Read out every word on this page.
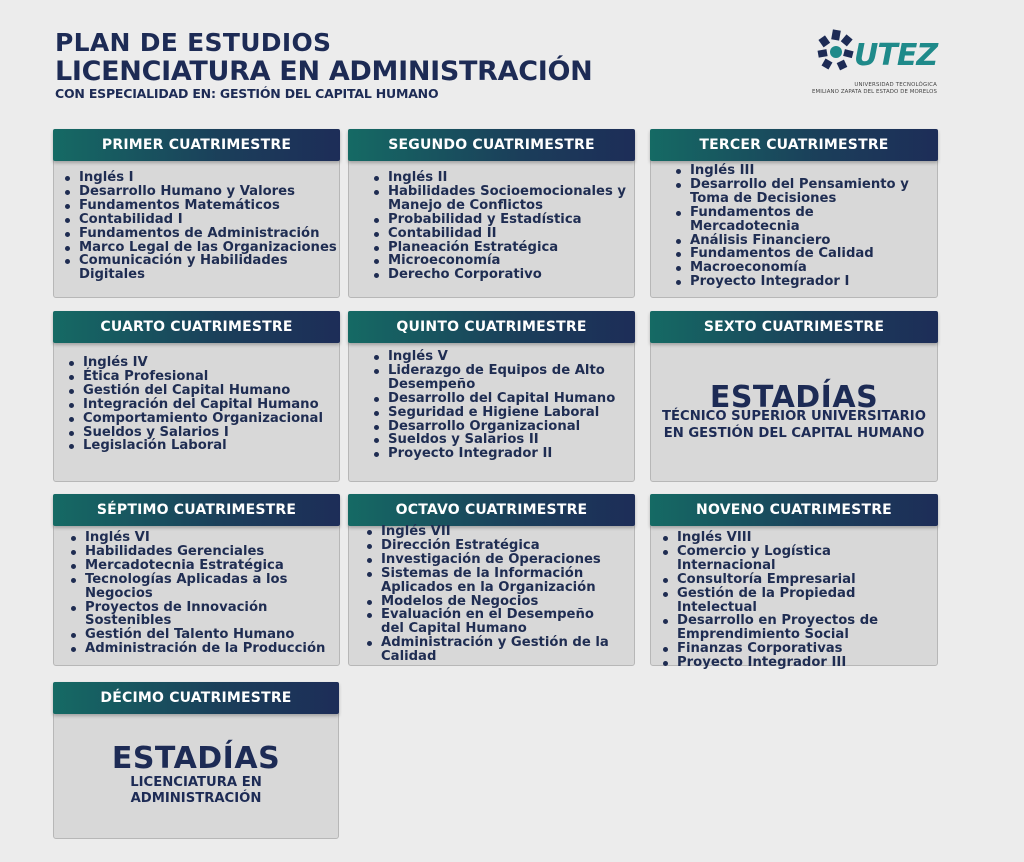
PLAN DE ESTUDIOS
LICENCIATURA EN ADMINISTRACIÓN
CON ESPECIALIDAD EN: GESTIÓN DEL CAPITAL HUMANO
UTEZ
UNIVERSIDAD TECNOLÓGICA
EMILIANO ZAPATA DEL ESTADO DE MORELOS
PRIMER CUATRIMESTRE
Inglés I
Desarrollo Humano y Valores
Fundamentos Matemáticos
Contabilidad I
Fundamentos de Administración
Marco Legal de las Organizaciones
Comunicación y Habilidades Digitales
SEGUNDO CUATRIMESTRE
Inglés II
Habilidades Socioemocionales y Manejo de Conflictos
Probabilidad y Estadística
Contabilidad II
Planeación Estratégica
Microeconomía
Derecho Corporativo
TERCER CUATRIMESTRE
Inglés III
Desarrollo del Pensamiento y Toma de Decisiones
Fundamentos de Mercadotecnia
Análisis Financiero
Fundamentos de Calidad
Macroeconomía
Proyecto Integrador I
CUARTO CUATRIMESTRE
Inglés IV
Ética Profesional
Gestión del Capital Humano
Integración del Capital Humano
Comportamiento Organizacional
Sueldos y Salarios I
Legislación Laboral
QUINTO CUATRIMESTRE
Inglés V
Liderazgo de Equipos de Alto Desempeño
Desarrollo del Capital Humano
Seguridad e Higiene Laboral
Desarrollo Organizacional
Sueldos y Salarios II
Proyecto Integrador II
SEXTO CUATRIMESTRE
ESTADÍAS
TÉCNICO SUPERIOR UNIVERSITARIO
EN GESTIÓN DEL CAPITAL HUMANO
SÉPTIMO CUATRIMESTRE
Inglés VI
Habilidades Gerenciales
Mercadotecnia Estratégica
Tecnologías Aplicadas a los Negocios
Proyectos de Innovación Sostenibles
Gestión del Talento Humano
Administración de la Producción
OCTAVO CUATRIMESTRE
Inglés VII
Dirección Estratégica
Investigación de Operaciones
Sistemas de la Información Aplicados en la Organización
Modelos de Negocios
Evaluación en el Desempeño del Capital Humano
Administración y Gestión de la Calidad
NOVENO CUATRIMESTRE
Inglés VIII
Comercio y Logística Internacional
Consultoría Empresarial
Gestión de la Propiedad Intelectual
Desarrollo en Proyectos de Emprendimiento Social
Finanzas Corporativas
Proyecto Integrador III
DÉCIMO CUATRIMESTRE
ESTADÍAS
LICENCIATURA EN
ADMINISTRACIÓN
